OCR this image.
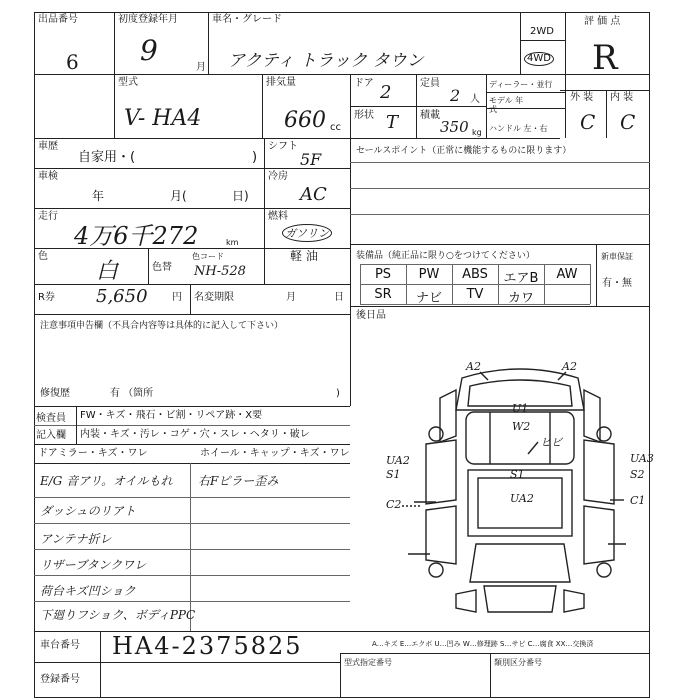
出品番号
6
初度登録年月
9
月
車名・グレード
アクティ トラック タウン
2WD
4WD
評 価 点
R
型式
V- HA4
排気量
660 cc
ドア 2	定員
2 人
形状 T 積載
350 kg
ディーラー・並行
モデル 年式
ハンドル 左・右
外 装 内 装
C C
車歴
自家用・(	)
シフト
5F	セールスポイント（正常に機能するものに限ります）
車検
年	月(	日)
冷房
AC
走行
4万6千272	km
燃料
ガソリン
軽 油
色
白	色替
色コード
NH-528
R券 5,650 円 名変期限	月	日
装備品（純正品に限り○をつけてください）	新車保証
有・無
PS	PW	ABS	エアB	AW
SR	ナビ	TV	カワ
注意事項申告欄（不具合内容等は具体的に記入して下さい）
修復歴	有 （箇所	)
後日品
検査員 記入欄
FW・キズ・飛石・ビ割・リペア跡・X要
内装・キズ・汚レ・コゲ・穴・スレ・ヘタリ・破レ
ドアミラー・キズ・ワレ	ホイール・キャップ・キズ・ワレ
E/G 音アリ。オイルもれ 右Fピラー歪み
ダッシュのリアト
アンテナ折レ
リザーブタンクワレ
荷台キズ凹ショク
下廻りフショク、ボディPPC
A2	A2
U1
W2
ヒビ
UA2
S1
C2
S1
UA2
UA3
S2
C1
車台番号 HA4-2375825
登録番号
A…キズ E…エクボ U…凹み W…修理跡 S…サビ C…腐食 XX…交換済
型式指定番号	類別区分番号
